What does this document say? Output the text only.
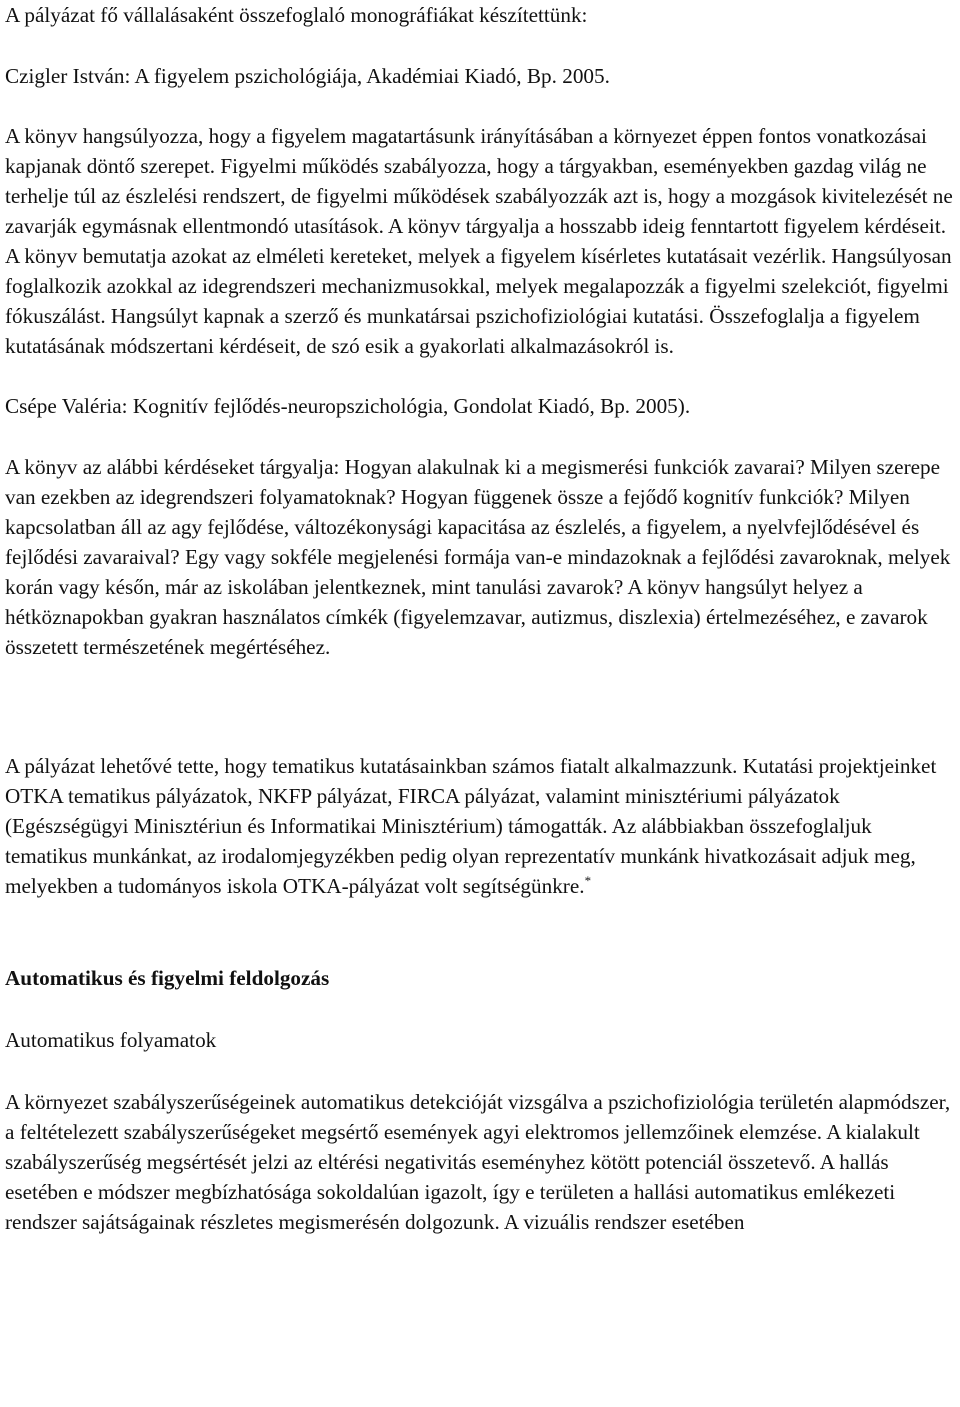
A pályázat fő vállalásaként összefoglaló monográfiákat készítettünk:

Czigler István: A figyelem pszichológiája, Akadémiai Kiadó, Bp. 2005.

A könyv hangsúlyozza, hogy a figyelem magatartásunk irányításában a környezet éppen fontos vonatkozásai kapjanak döntő szerepet. Figyelmi működés szabályozza, hogy a tárgyakban, eseményekben gazdag világ ne terhelje túl az észlelési rendszert, de figyelmi működések szabályozzák azt is, hogy a mozgások kivitelezését ne zavarják egymásnak ellentmondó utasítások. A könyv tárgyalja a hosszabb ideig fenntartott figyelem kérdéseit. A könyv bemutatja azokat az elméleti kereteket, melyek a figyelem kísérletes kutatásait vezérlik. Hangsúlyosan foglalkozik azokkal az idegrendszeri mechanizmusokkal, melyek megalapozzák a figyelmi szelekciót, figyelmi fókuszálást. Hangsúlyt kapnak a szerző és munkatársai pszichofiziológiai kutatási. Összefoglalja a figyelem kutatásának módszertani kérdéseit, de szó esik a gyakorlati alkalmazásokról is.

Csépe Valéria: Kognitív fejlődés-neuropszichológia, Gondolat Kiadó, Bp. 2005).

A könyv az alábbi kérdéseket tárgyalja: Hogyan alakulnak ki a megismerési funkciók zavarai? Milyen szerepe van ezekben az idegrendszeri folyamatoknak? Hogyan függenek össze a fejődő kognitív funkciók? Milyen kapcsolatban áll az agy fejlődése, változékonysági kapacitása az észlelés, a figyelem, a nyelvfejlődésével és fejlődési zavaraival? Egy vagy sokféle megjelenési formája van-e mindazoknak a fejlődési zavaroknak, melyek korán vagy későn, már az iskolában jelentkeznek, mint tanulási zavarok? A könyv hangsúlyt helyez a hétköznapokban gyakran használatos címkék (figyelemzavar, autizmus, diszlexia) értelmezéséhez, e zavarok összetett természetének megértéséhez.

A pályázat lehetővé tette, hogy tematikus kutatásainkban számos fiatalt alkalmazzunk. Kutatási projektjeinket OTKA tematikus pályázatok, NKFP pályázat, FIRCA pályázat, valamint minisztériumi pályázatok (Egészségügyi Minisztériun és Informatikai Minisztérium) támogatták. Az alábbiakban összefoglaljuk tematikus munkánkat, az irodalomjegyzékben pedig olyan reprezentatív munkánk hivatkozásait adjuk meg, melyekben a tudományos iskola OTKA-pályázat volt segítségünkre.*

Automatikus és figyelmi feldolgozás

Automatikus folyamatok

A környezet szabályszerűségeinek automatikus detekcióját vizsgálva a pszichofiziológia területén alapmódszer, a feltételezett szabályszerűségeket megsértő események agyi elektromos jellemzőinek elemzése. A kialakult szabályszerűség megsértését jelzi az eltérési negativitás eseményhez kötött potenciál összetevő. A hallás esetében e módszer megbízhatósága sokoldalúan igazolt, így e területen a hallási automatikus emlékezeti rendszer sajátságainak részletes megismerésén dolgozunk. A vizuális rendszer esetében
